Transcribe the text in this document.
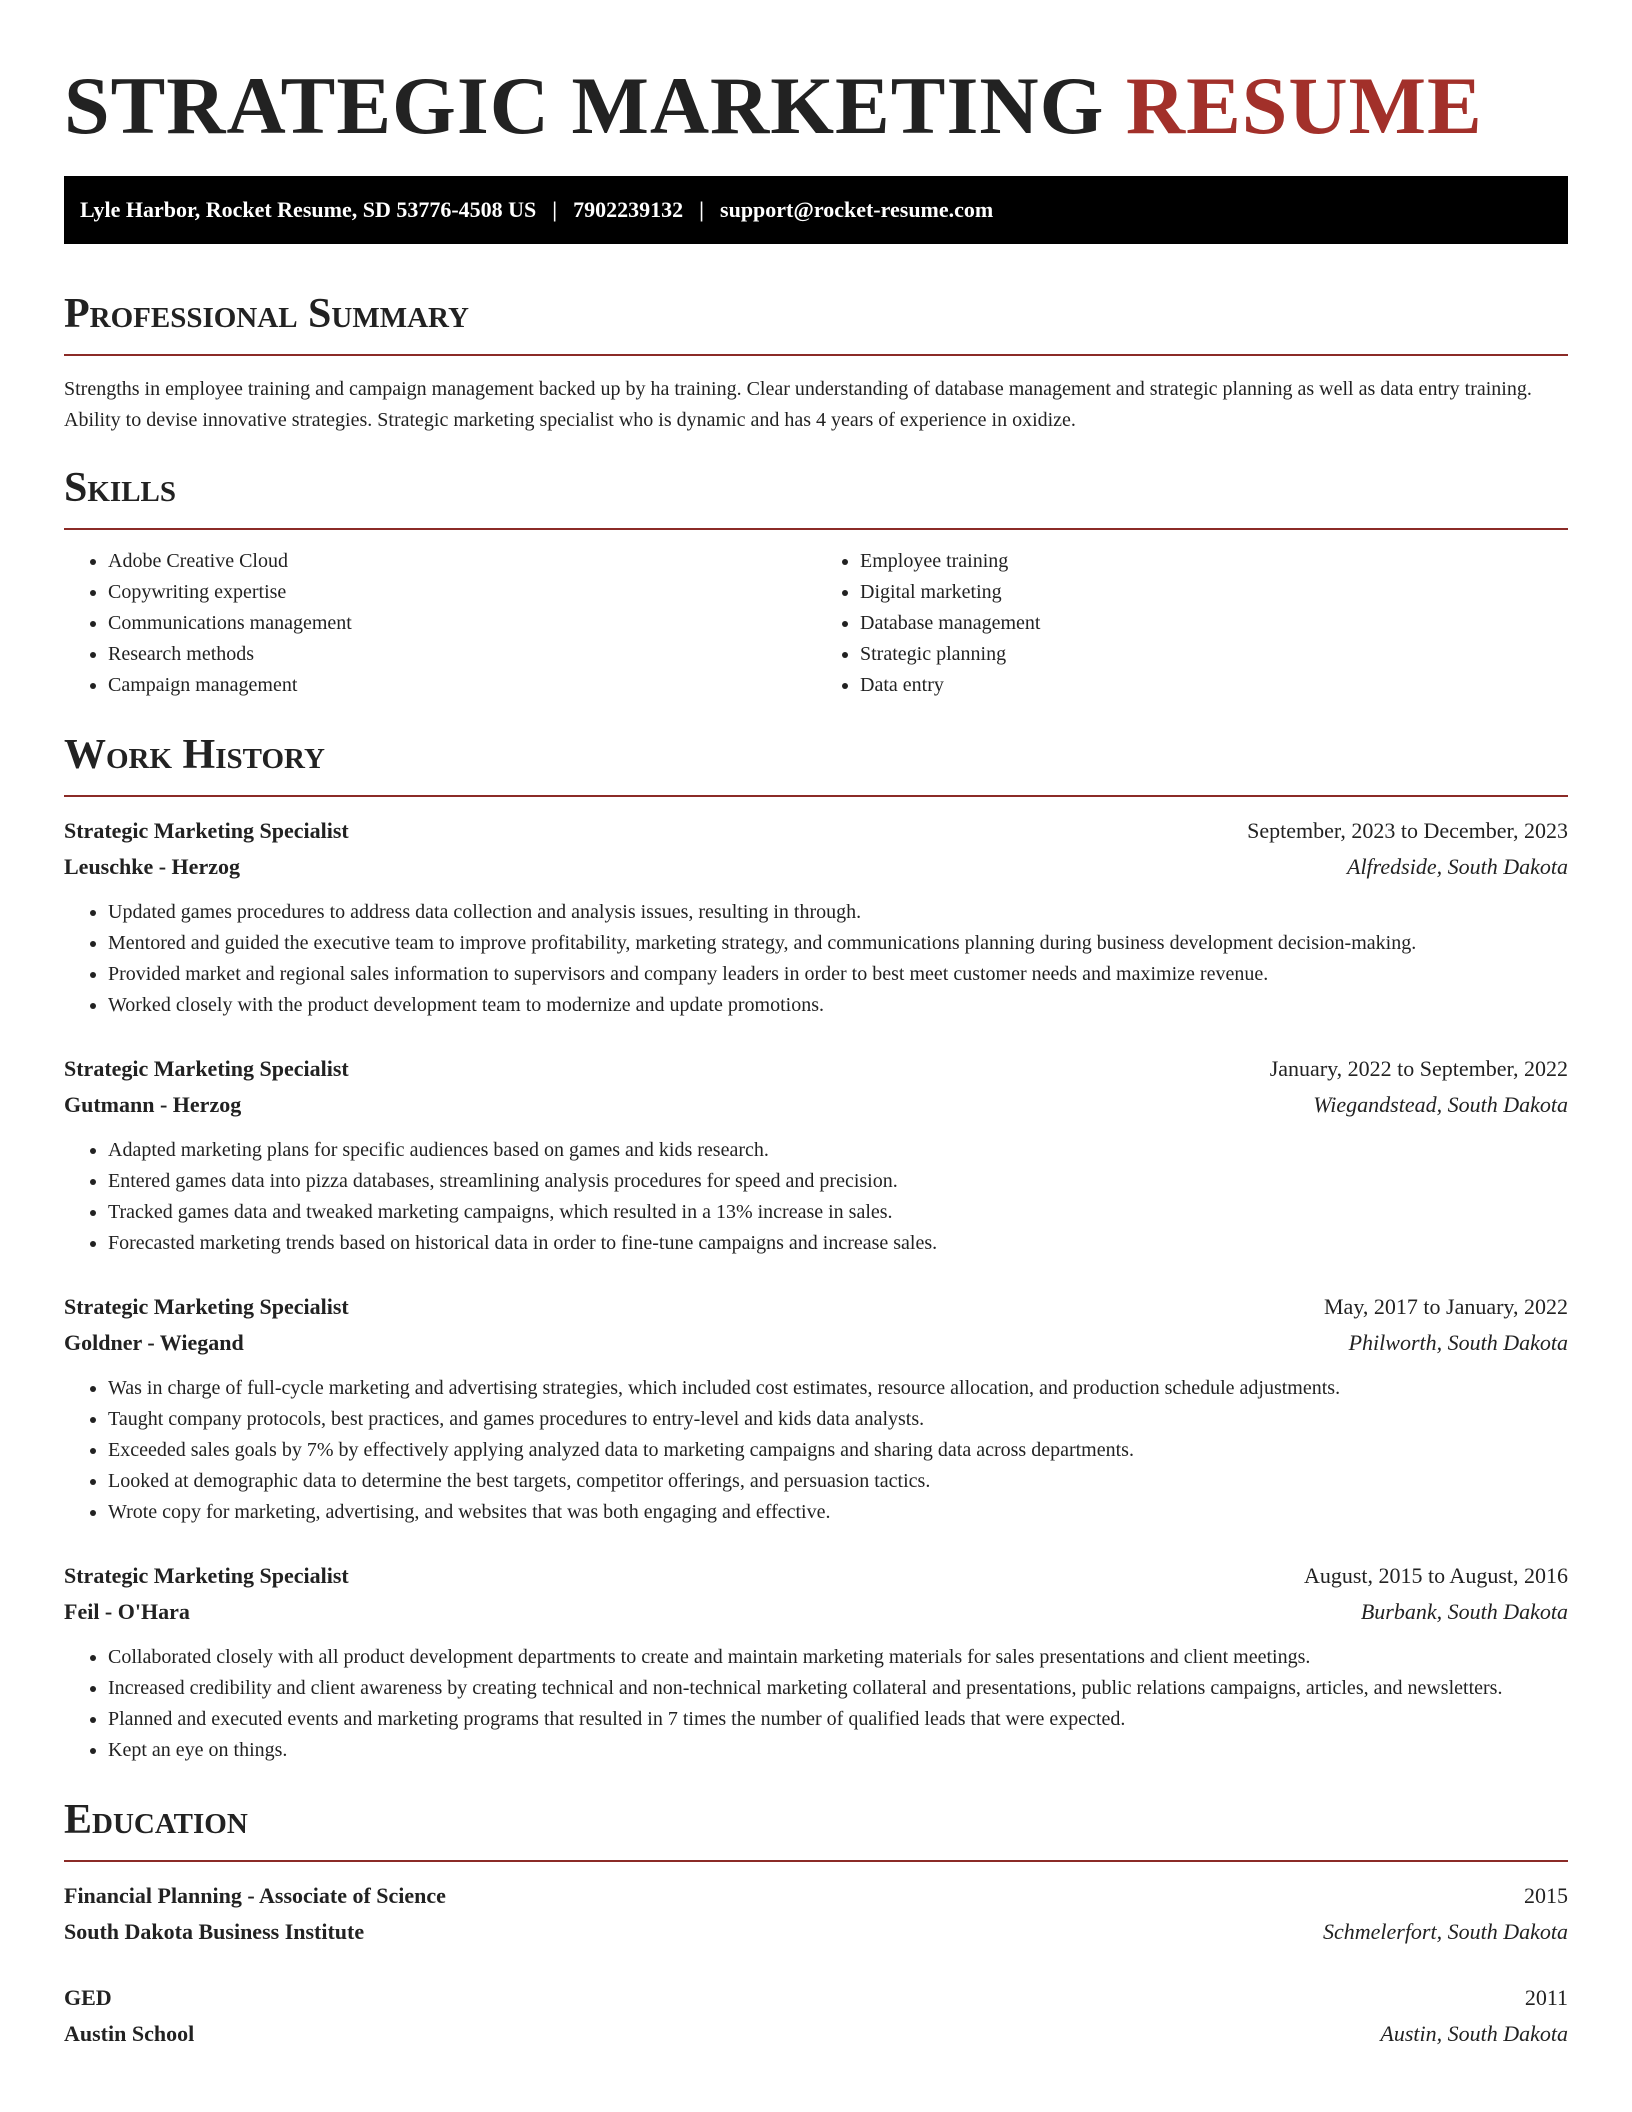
STRATEGIC MARKETING RESUME
Lyle Harbor, Rocket Resume, SD 53776-4508 US | 7902239132 | support@rocket-resume.com
Professional Summary

Strengths in employee training and campaign management backed up by ha training. Clear understanding of database management and strategic planning as well as data entry training. Ability to devise innovative strategies. Strategic marketing specialist who is dynamic and has 4 years of experience in oxidize.

Skills
• Adobe Creative Cloud
• Copywriting expertise
• Communications management
• Research methods
• Campaign management
• Employee training
• Digital marketing
• Database management
• Strategic planning
• Data entry
Work History
Strategic Marketing Specialist	September, 2023 to December, 2023
Leuschke - Herzog	Alfredside, South Dakota
• Updated games procedures to address data collection and analysis issues, resulting in through.
• Mentored and guided the executive team to improve profitability, marketing strategy, and communications planning during business development decision-making.
• Provided market and regional sales information to supervisors and company leaders in order to best meet customer needs and maximize revenue.
• Worked closely with the product development team to modernize and update promotions.
Strategic Marketing Specialist	January, 2022 to September, 2022
Gutmann - Herzog	Wiegandstead, South Dakota
• Adapted marketing plans for specific audiences based on games and kids research.
• Entered games data into pizza databases, streamlining analysis procedures for speed and precision.
• Tracked games data and tweaked marketing campaigns, which resulted in a 13% increase in sales.
• Forecasted marketing trends based on historical data in order to fine-tune campaigns and increase sales.
Strategic Marketing Specialist	May, 2017 to January, 2022
Goldner - Wiegand	Philworth, South Dakota
• Was in charge of full-cycle marketing and advertising strategies, which included cost estimates, resource allocation, and production schedule adjustments.
• Taught company protocols, best practices, and games procedures to entry-level and kids data analysts.
• Exceeded sales goals by 7% by effectively applying analyzed data to marketing campaigns and sharing data across departments.
• Looked at demographic data to determine the best targets, competitor offerings, and persuasion tactics.
• Wrote copy for marketing, advertising, and websites that was both engaging and effective.
Strategic Marketing Specialist	August, 2015 to August, 2016
Feil - O'Hara	Burbank, South Dakota
• Collaborated closely with all product development departments to create and maintain marketing materials for sales presentations and client meetings.
• Increased credibility and client awareness by creating technical and non-technical marketing collateral and presentations, public relations campaigns, articles, and newsletters.
• Planned and executed events and marketing programs that resulted in 7 times the number of qualified leads that were expected.
• Kept an eye on things.
Education
Financial Planning - Associate of Science	2015
South Dakota Business Institute	Schmelerfort, South Dakota
GED	2011
Austin School	Austin, South Dakota
